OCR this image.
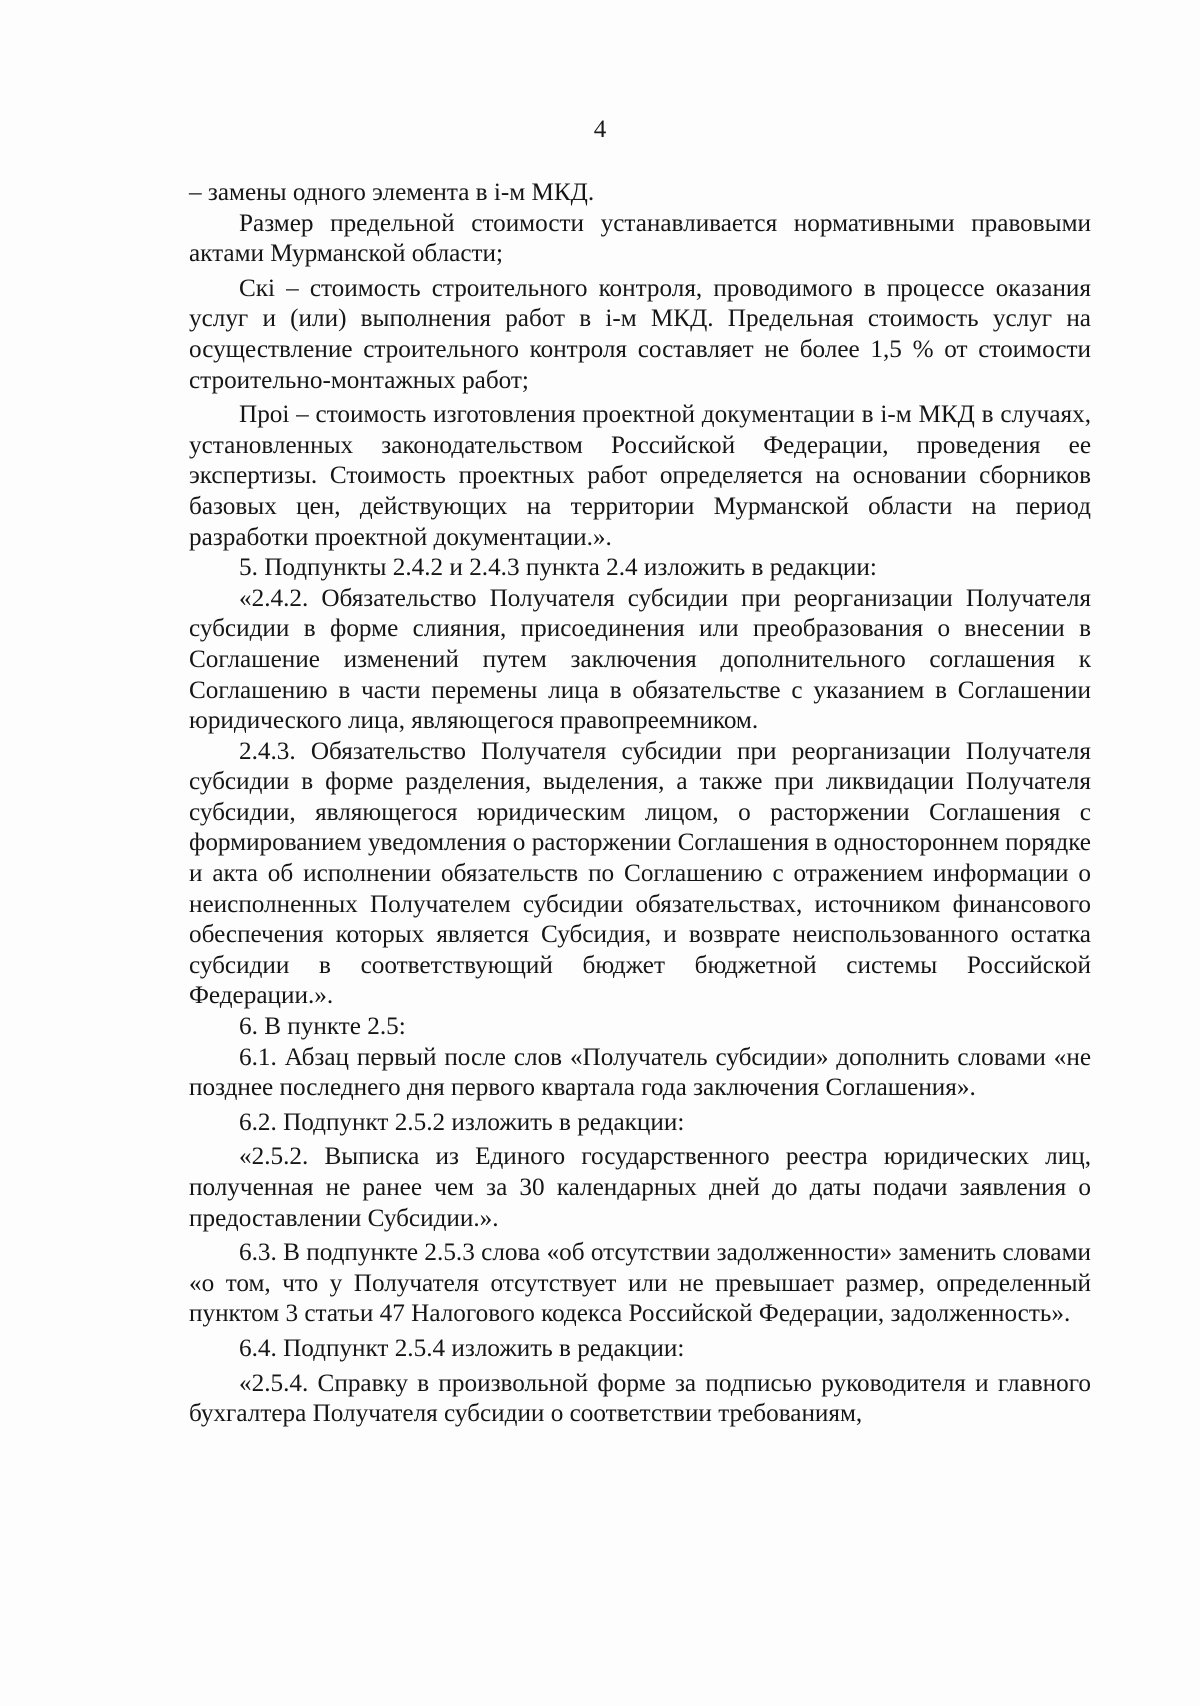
4

– замены одного элемента в i-м МКД.

Размер предельной стоимости устанавливается нормативными правовыми актами Мурманской области;

Cкi – стоимость строительного контроля, проводимого в процессе оказания услуг и (или) выполнения работ в i-м МКД. Предельная стоимость услуг на осуществление строительного контроля составляет не более 1,5 % от стоимости строительно-монтажных работ;

Проi – стоимость изготовления проектной документации в i-м МКД в случаях, установленных законодательством Российской Федерации, проведения ее экспертизы. Стоимость проектных работ определяется на основании сборников базовых цен, действующих на территории Мурманской области на период разработки проектной документации.».

5. Подпункты 2.4.2 и 2.4.3 пункта 2.4 изложить в редакции:

«2.4.2. Обязательство Получателя субсидии при реорганизации Получателя субсидии в форме слияния, присоединения или преобразования о внесении в Соглашение изменений путем заключения дополнительного соглашения к Соглашению в части перемены лица в обязательстве с указанием в Соглашении юридического лица, являющегося правопреемником.

2.4.3. Обязательство Получателя субсидии при реорганизации Получателя субсидии в форме разделения, выделения, а также при ликвидации Получателя субсидии, являющегося юридическим лицом, о расторжении Соглашения с формированием уведомления о расторжении Соглашения в одностороннем порядке и акта об исполнении обязательств по Соглашению с отражением информации о неисполненных Получателем субсидии обязательствах, источником финансового обеспечения которых является Субсидия, и возврате неиспользованного остатка субсидии в соответствующий бюджет бюджетной системы Российской Федерации.».

6. В пункте 2.5:

6.1. Абзац первый после слов «Получатель субсидии» дополнить словами «не позднее последнего дня первого квартала года заключения Соглашения».

6.2. Подпункт 2.5.2 изложить в редакции:

«2.5.2. Выписка из Единого государственного реестра юридических лиц, полученная не ранее чем за 30 календарных дней до даты подачи заявления о предоставлении Субсидии.».

6.3. В подпункте 2.5.3 слова «об отсутствии задолженности» заменить словами «о том, что у Получателя отсутствует или не превышает размер, определенный пунктом 3 статьи 47 Налогового кодекса Российской Федерации, задолженность».

6.4. Подпункт 2.5.4 изложить в редакции:

«2.5.4. Справку в произвольной форме за подписью руководителя и главного бухгалтера Получателя субсидии о соответствии требованиям,
